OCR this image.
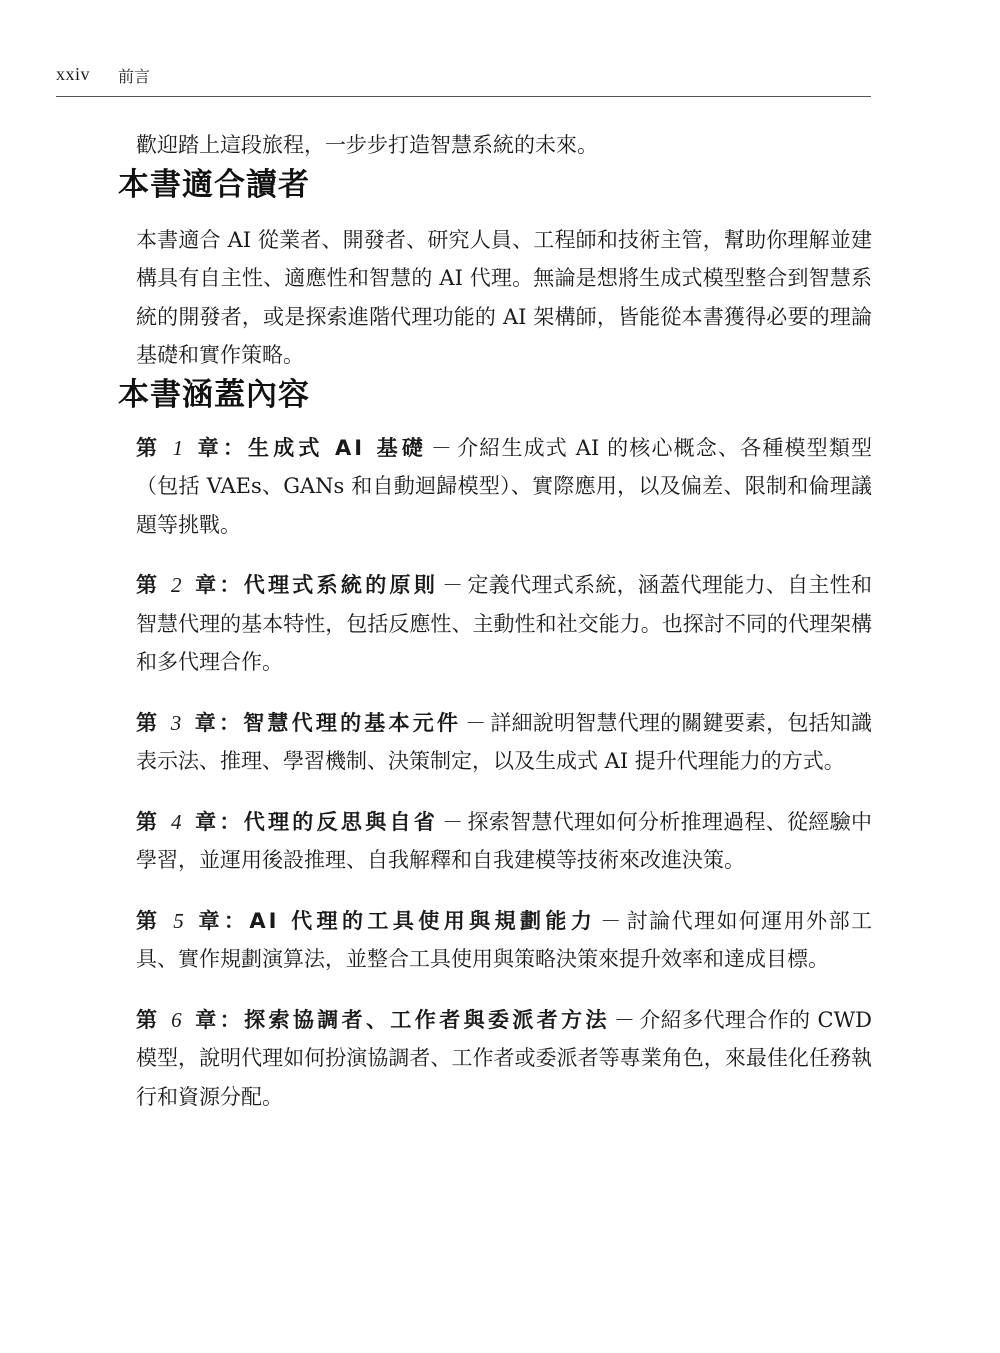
xxiv 前言

歡迎踏上這段旅程，一步步打造智慧系統的未來。

本書適合讀者

本書適合 AI 從業者、開發者、研究人員、工程師和技術主管，幫助你理解並建構具有自主性、適應性和智慧的 AI 代理。無論是想將生成式模型整合到智慧系統的開發者，或是探索進階代理功能的 AI 架構師，皆能從本書獲得必要的理論基礎和實作策略。

本書涵蓋內容

第 1 章：生成式 AI 基礎 － 介紹生成式 AI 的核心概念、各種模型類型（包括 VAEs、GANs 和自動迴歸模型）、實際應用，以及偏差、限制和倫理議題等挑戰。

第 2 章：代理式系統的原則 － 定義代理式系統，涵蓋代理能力、自主性和智慧代理的基本特性，包括反應性、主動性和社交能力。也探討不同的代理架構和多代理合作。

第 3 章：智慧代理的基本元件 － 詳細說明智慧代理的關鍵要素，包括知識表示法、推理、學習機制、決策制定，以及生成式 AI 提升代理能力的方式。

第 4 章：代理的反思與自省 － 探索智慧代理如何分析推理過程、從經驗中學習，並運用後設推理、自我解釋和自我建模等技術來改進決策。

第 5 章：AI 代理的工具使用與規劃能力 － 討論代理如何運用外部工具、實作規劃演算法，並整合工具使用與策略決策來提升效率和達成目標。

第 6 章：探索協調者、工作者與委派者方法 － 介紹多代理合作的 CWD 模型，說明代理如何扮演協調者、工作者或委派者等專業角色，來最佳化任務執行和資源分配。
